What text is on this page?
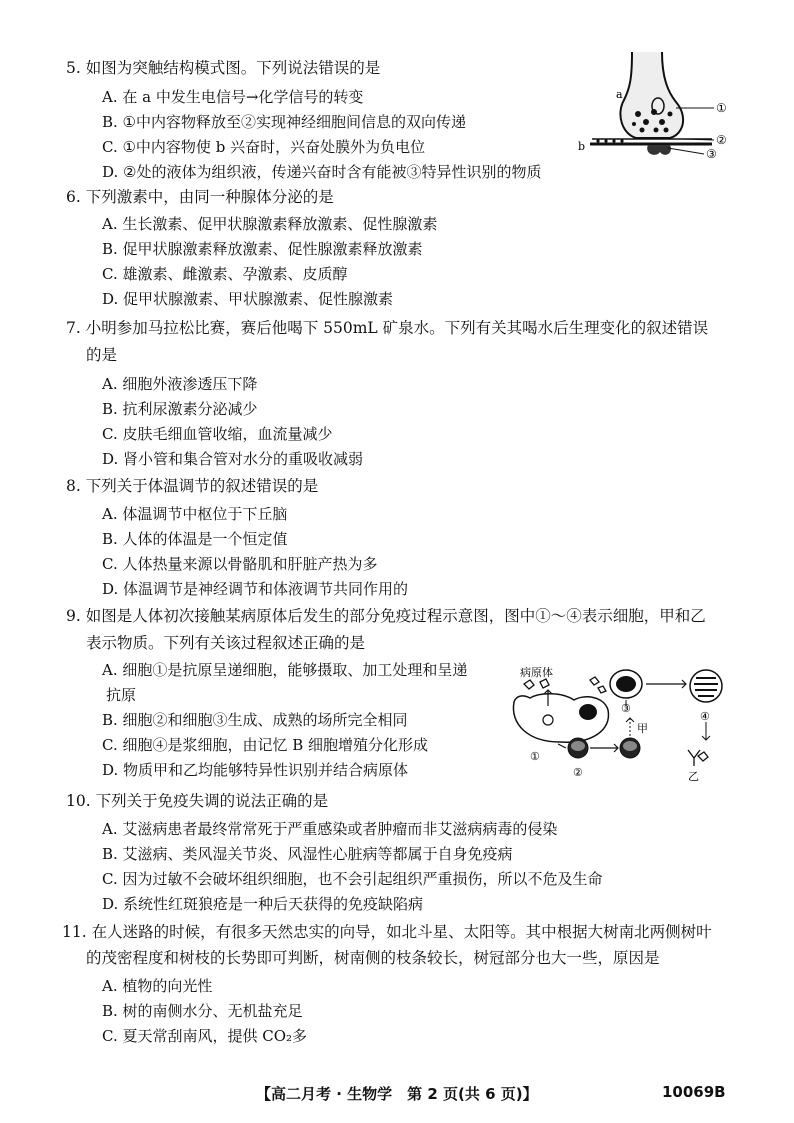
5. 如图为突触结构模式图。下列说法错误的是
A. 在 a 中发生电信号→化学信号的转变
B. ①中内容物释放至②实现神经细胞间信息的双向传递
C. ①中内容物使 b 兴奋时，兴奋处膜外为负电位
D. ②处的液体为组织液，传递兴奋时含有能被③特异性识别的物质
a
b
①
②
③
6. 下列激素中，由同一种腺体分泌的是
A. 生长激素、促甲状腺激素释放激素、促性腺激素
B. 促甲状腺激素释放激素、促性腺激素释放激素
C. 雄激素、雌激素、孕激素、皮质醇
D. 促甲状腺激素、甲状腺激素、促性腺激素
7. 小明参加马拉松比赛，赛后他喝下 550mL 矿泉水。下列有关其喝水后生理变化的叙述错误
的是
A. 细胞外液渗透压下降
B. 抗利尿激素分泌减少
C. 皮肤毛细血管收缩，血流量减少
D. 肾小管和集合管对水分的重吸收减弱
8. 下列关于体温调节的叙述错误的是
A. 体温调节中枢位于下丘脑
B. 人体的体温是一个恒定值
C. 人体热量来源以骨骼肌和肝脏产热为多
D. 体温调节是神经调节和体液调节共同作用的
9. 如图是人体初次接触某病原体后发生的部分免疫过程示意图，图中①～④表示细胞，甲和乙
表示物质。下列有关该过程叙述正确的是
A. 细胞①是抗原呈递细胞，能够摄取、加工处理和呈递
抗原
B. 细胞②和细胞③生成、成熟的场所完全相同
C. 细胞④是浆细胞，由记忆 B 细胞增殖分化形成
D. 物质甲和乙均能够特异性识别并结合病原体
病原体
甲
乙
③
④
①
②
10. 下列关于免疫失调的说法正确的是
A. 艾滋病患者最终常常死于严重感染或者肿瘤而非艾滋病病毒的侵染
B. 艾滋病、类风湿关节炎、风湿性心脏病等都属于自身免疫病
C. 因为过敏不会破坏组织细胞，也不会引起组织严重损伤，所以不危及生命
D. 系统性红斑狼疮是一种后天获得的免疫缺陷病
11. 在人迷路的时候，有很多天然忠实的向导，如北斗星、太阳等。其中根据大树南北两侧树叶
的茂密程度和树枝的长势即可判断，树南侧的枝条较长，树冠部分也大一些，原因是
A. 植物的向光性
B. 树的南侧水分、无机盐充足
C. 夏天常刮南风，提供 CO₂多
【高二月考 · 生物学　第 2 页(共 6 页)】	10069B
